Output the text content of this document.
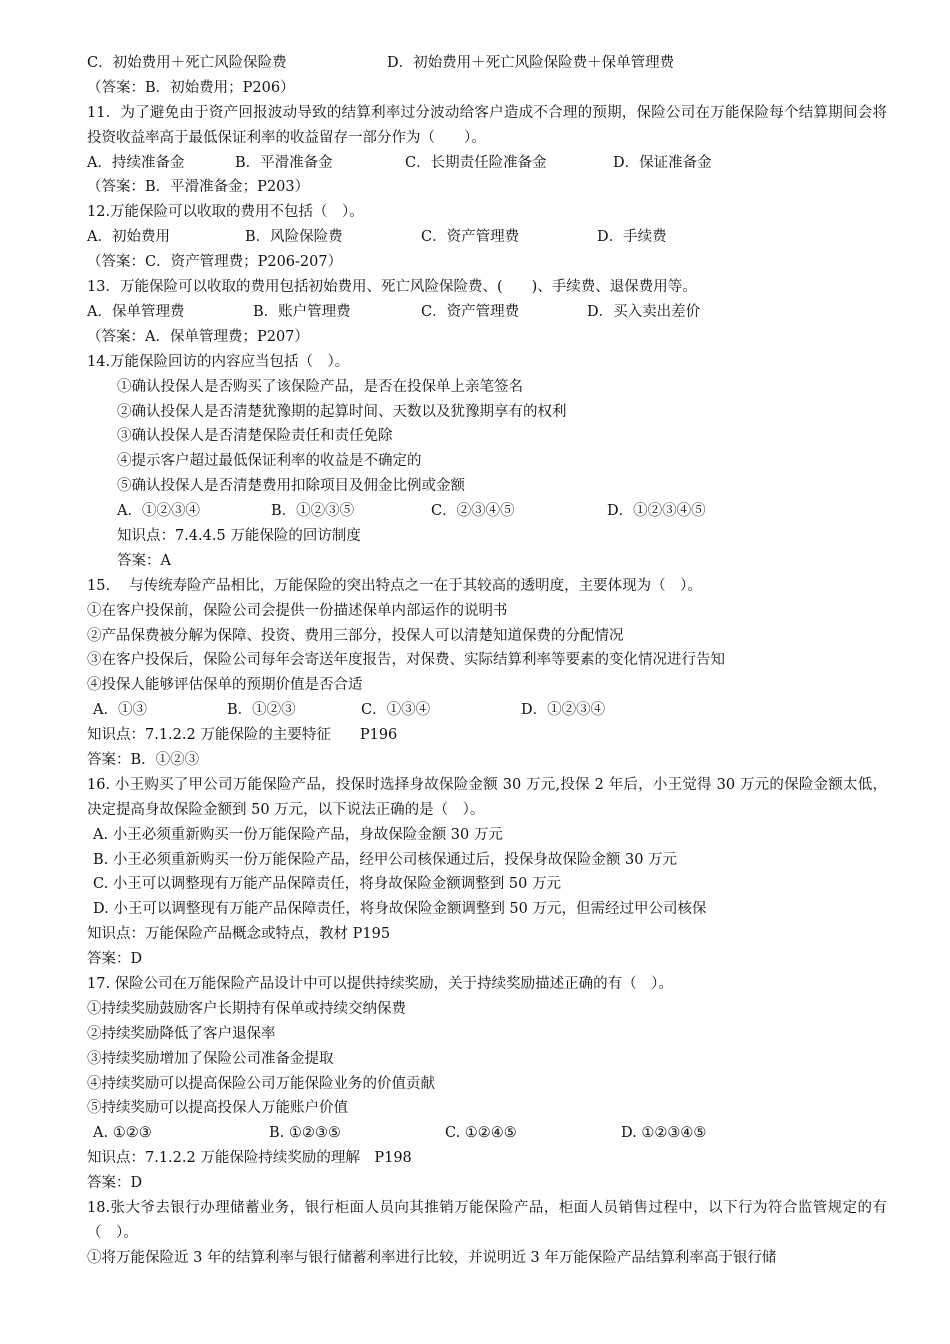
C．初始费用＋死亡风险保险费	D．初始费用＋死亡风险保险费＋保单管理费
（答案：B．初始费用；P206）
11．为了避免由于资产回报波动导致的结算利率过分波动给客户造成不合理的预期，保险公司在万能保险每个结算期间会将投资收益率高于最低保证利率的收益留存一部分作为（　　）。
A．持续准备金	B．平滑准备金	C．长期责任险准备金	D．保证准备金
（答案：B．平滑准备金；P203）
12.万能保险可以收取的费用不包括（　）。
A．初始费用	B．风险保险费	C．资产管理费	D．手续费
（答案：C．资产管理费；P206-207）
13．万能保险可以收取的费用包括初始费用、死亡风险保险费、(　　)、手续费、退保费用等。
A．保单管理费	B．账户管理费	C．资产管理费	D．买入卖出差价
（答案：A．保单管理费；P207）
14.万能保险回访的内容应当包括（　）。
①确认投保人是否购买了该保险产品，是否在投保单上亲笔签名
②确认投保人是否清楚犹豫期的起算时间、天数以及犹豫期享有的权利
③确认投保人是否清楚保险责任和责任免除
④提示客户超过最低保证利率的收益是不确定的
⑤确认投保人是否清楚费用扣除项目及佣金比例或金额
A．①②③④	B．①②③⑤	C．②③④⑤	D．①②③④⑤
知识点：7.4.4.5 万能保险的回访制度
答案：A
15.　 与传统寿险产品相比，万能保险的突出特点之一在于其较高的透明度，主要体现为（　）。
①在客户投保前，保险公司会提供一份描述保单内部运作的说明书
②产品保费被分解为保障、投资、费用三部分，投保人可以清楚知道保费的分配情况
③在客户投保后，保险公司每年会寄送年度报告，对保费、实际结算利率等要素的变化情况进行告知
④投保人能够评估保单的预期价值是否合适
A．①③	B．①②③	C．①③④	D．①②③④
知识点：7.1.2.2 万能保险的主要特征　　P196
答案：B．①②③
16. 小王购买了甲公司万能保险产品，投保时选择身故保险金额 30 万元,投保 2 年后，小王觉得 30 万元的保险金额太低，决定提高身故保险金额到 50 万元，以下说法正确的是（　）。
A. 小王必须重新购买一份万能保险产品，身故保险金额 30 万元
B. 小王必须重新购买一份万能保险产品，经甲公司核保通过后，投保身故保险金额 30 万元
C. 小王可以调整现有万能产品保障责任，将身故保险金额调整到 50 万元
D. 小王可以调整现有万能产品保障责任，将身故保险金额调整到 50 万元，但需经过甲公司核保
知识点：万能保险产品概念或特点，教材 P195
答案：D
17. 保险公司在万能保险产品设计中可以提供持续奖励，关于持续奖励描述正确的有（　）。
①持续奖励鼓励客户长期持有保单或持续交纳保费
②持续奖励降低了客户退保率
③持续奖励增加了保险公司准备金提取
④持续奖励可以提高保险公司万能保险业务的价值贡献
⑤持续奖励可以提高投保人万能账户价值
A. ①②③	B. ①②③⑤	C. ①②④⑤	D. ①②③④⑤
知识点：7.1.2.2 万能保险持续奖励的理解　P198
答案：D
18.张大爷去银行办理储蓄业务，银行柜面人员向其推销万能保险产品，柜面人员销售过程中，以下行为符合监管规定的有（　）。
①将万能保险近 3 年的结算利率与银行储蓄利率进行比较，并说明近 3 年万能保险产品结算利率高于银行储
